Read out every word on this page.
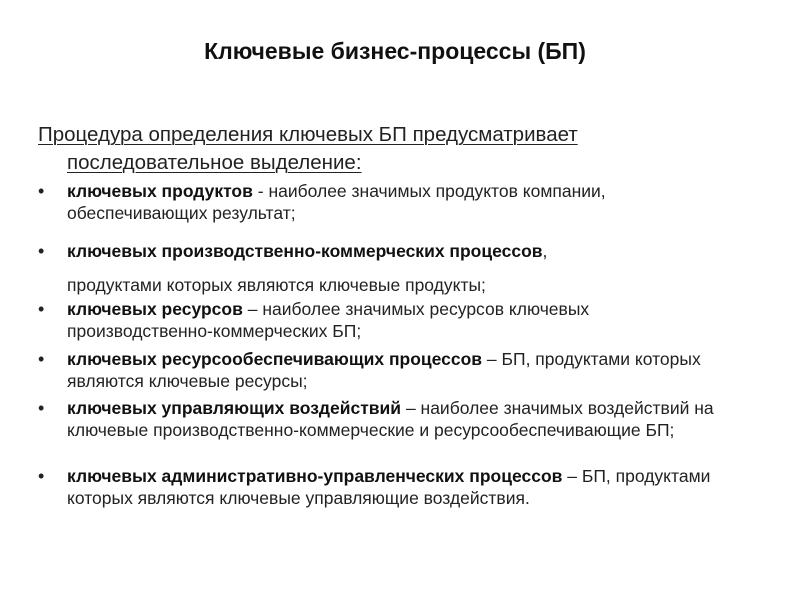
Ключевые бизнес-процессы (БП)
Процедура определения ключевых БП предусматривает
последовательное выделение:
• ключевых продуктов - наиболее значимых продуктов компании, обеспечивающих результат;
• ключевых производственно-коммерческих процессов,
продуктами которых являются ключевые продукты;
• ключевых ресурсов – наиболее значимых ресурсов ключевых производственно-коммерческих БП;
• ключевых ресурсообеспечивающих процессов – БП, продуктами которых являются ключевые ресурсы;
• ключевых управляющих воздействий – наиболее значимых воздействий на ключевые производственно-коммерческие и ресурсообеспечивающие БП;
• ключевых административно-управленческих процессов – БП, продуктами которых являются ключевые управляющие воздействия.
